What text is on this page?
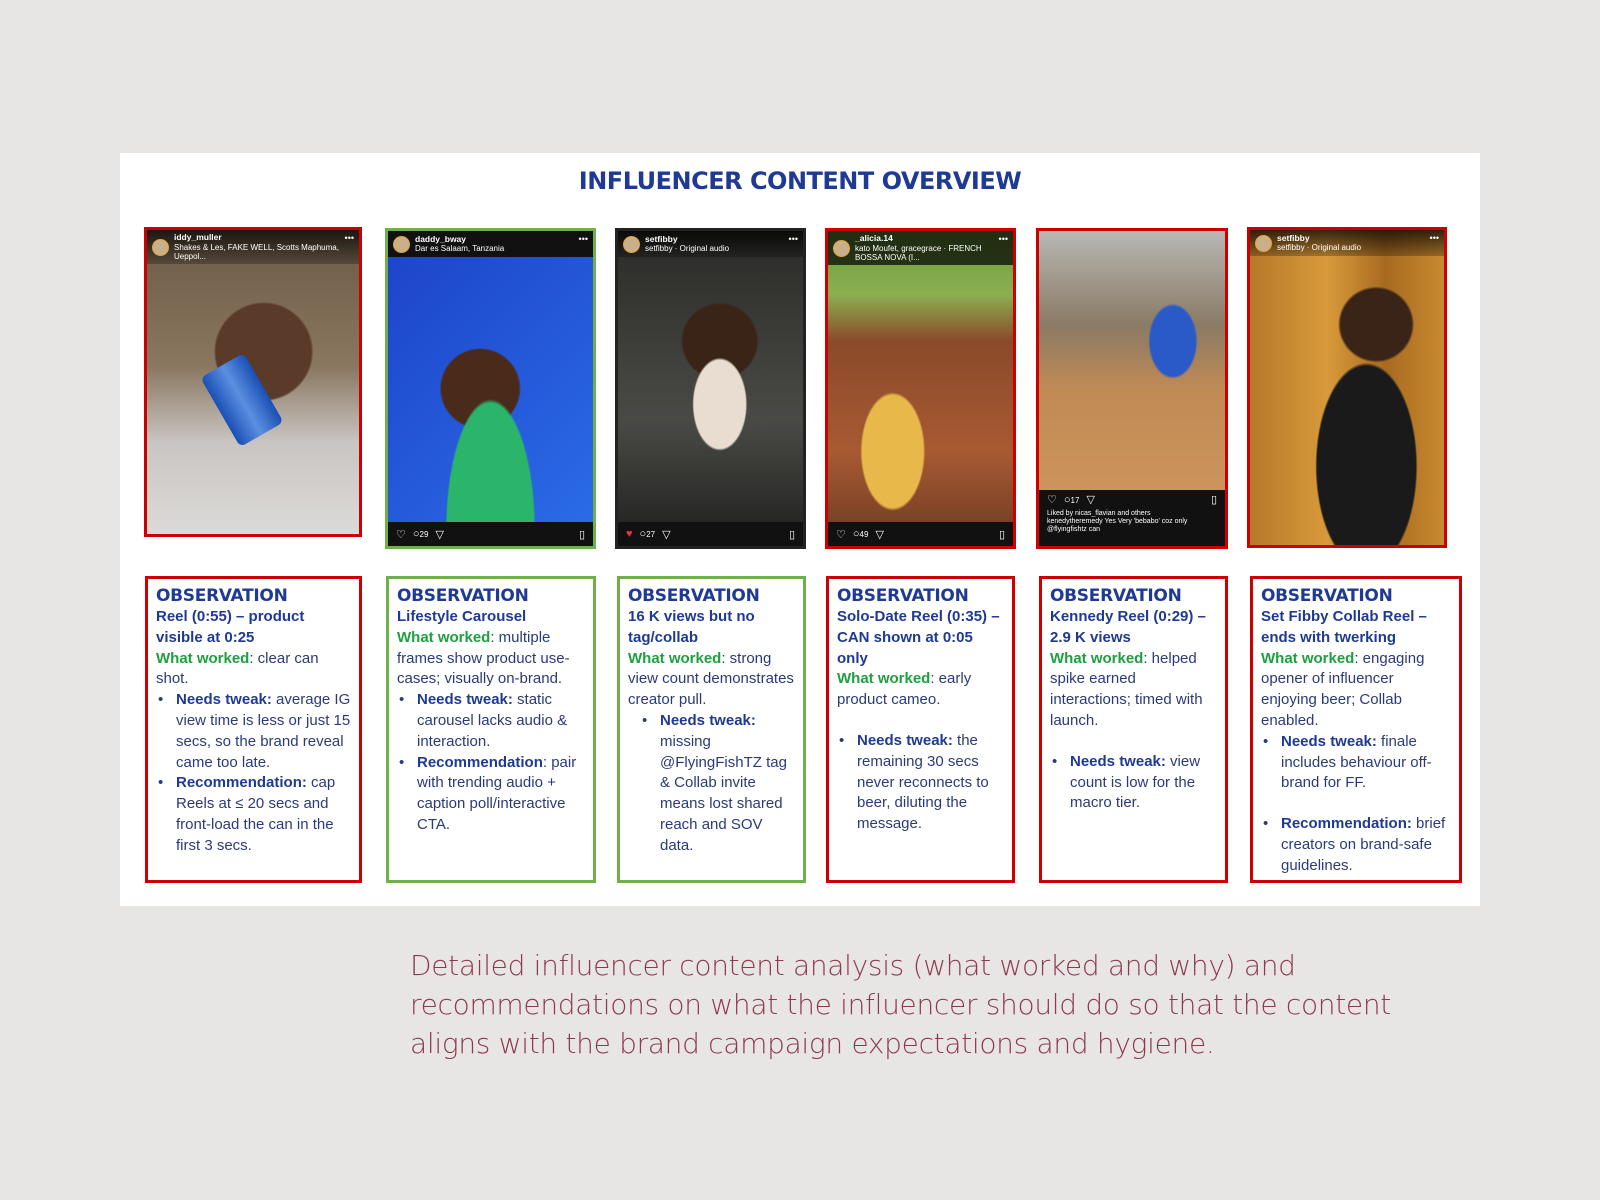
INFLUENCER CONTENT OVERVIEW
iddy_muller
Shakes & Les, FAKE WELL, Scotts Maphuma, Ueppol...
•••	daddy_bway
Dar es Salaam, Tanzania
•••
♡ ○29 ▽	▯
setfibby
setfibby · Original audio
•••
♥ ○27 ▽	▯
_alicia.14
kato Moufet, gracegrace · FRENCH BOSSA NOVA (I...
•••
♡ ○49 ▽	▯
♡ ○17 ▽	▯
Liked by nicas_flavian and others
kenedytheremedy Yes Very 'bebabo' coz only @flyingfishtz can
setfibby
setfibby · Original audio
•••
OBSERVATION
Reel (0:55) – product visible at 0:25
What worked: clear can shot.
• Needs tweak: average IG view time is less or just 15 secs, so the brand reveal came too late.
• Recommendation: cap Reels at ≤ 20 secs and front-load the can in the first 3 secs.
OBSERVATION
Lifestyle Carousel
What worked: multiple frames show product use-cases; visually on-brand.
• Needs tweak: static carousel lacks audio & interaction.
• Recommendation: pair with trending audio + caption poll/interactive CTA.
OBSERVATION
16 K views but no tag/collab
What worked: strong view count demonstrates creator pull.
• Needs tweak: missing @FlyingFishTZ tag & Collab invite means lost shared reach and SOV data.
OBSERVATION
Solo-Date Reel (0:35) – CAN shown at 0:05 only
What worked: early product cameo.
• Needs tweak: the remaining 30 secs never reconnects to beer, diluting the message.
OBSERVATION
Kennedy Reel (0:29) – 2.9 K views
What worked: helped spike earned interactions; timed with launch.
• Needs tweak: view count is low for the macro tier.
OBSERVATION
Set Fibby Collab Reel – ends with twerking
What worked: engaging opener of influencer enjoying beer; Collab enabled.
• Needs tweak: finale includes behaviour off-brand for FF.
• Recommendation: brief creators on brand-safe guidelines.
Detailed influencer content analysis (what worked and why) and recommendations on what the influencer should do so that the content aligns with the brand campaign expectations and hygiene.
